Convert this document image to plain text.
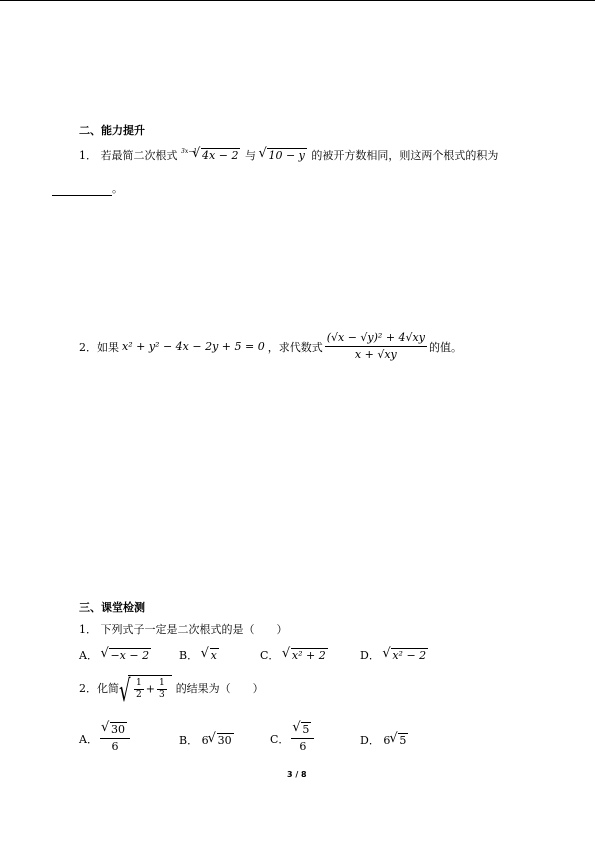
二、能力提升
1． 若最简二次根式 $^{3x-1}$ √ 4x − 2 与 √ 10 − y 的被开方数相同，则这两个根式的积为
。
2． 如果 x² + y² − 4x − 2y + 5 = 0 ，求代数式 $\frac{\text{(√x − √y)² + 4√xy}}{x + √xy}$ 的值。
三、课堂检测
1． 下列式子一定是二次根式的是（　　）
A． √ −x − 2	B． √ x	C． √ x² + 2	D． √ x² − 2
2． 化简 √ $\frac{1}{2} + \frac{1}{3}$ 的结果为（　　）
A． √ $\frac{30}{6}$	B． 6 √ 30	C． √ $\frac{5}{6}$	D． 6 √ 5
3 / 8
